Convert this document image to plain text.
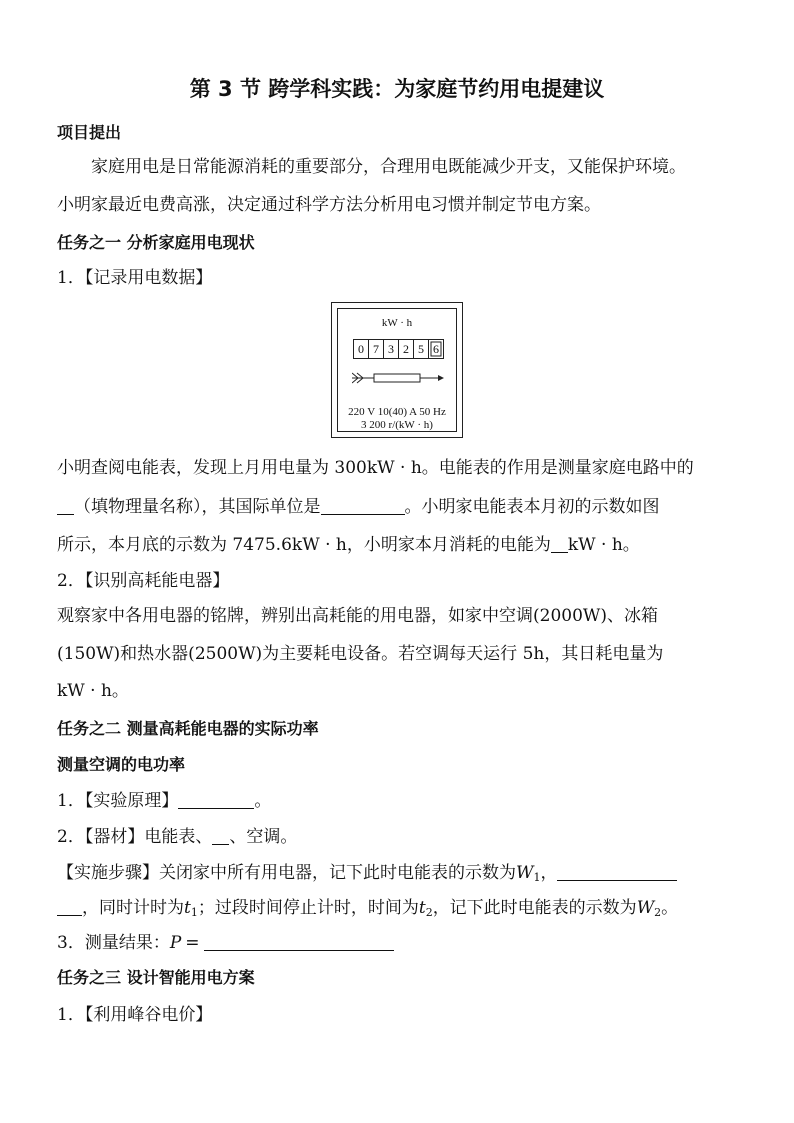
第 3 节 跨学科实践：为家庭节约用电提建议
项目提出
家庭用电是日常能源消耗的重要部分，合理用电既能减少开支，又能保护环境。
小明家最近电费高涨，决定通过科学方法分析用电习惯并制定节电方案。
任务之一 分析家庭用电现状
1．【记录用电数据】
kW · h
0 7 3 2 5 6
220 V 10(40) A 50 Hz
3 200 r/(kW · h)
小明查阅电能表，发现上月用电量为 300kW · h。电能表的作用是测量家庭电路中的
（填物理量名称），其国际单位是	。小明家电能表本月初的示数如图
所示，本月底的示数为 7475.6kW · h，小明家本月消耗的电能为 kW · h。
2．【识别高耗能电器】
观察家中各用电器的铭牌，辨别出高耗能的用电器，如家中空调(2000W)、冰箱
(150W)和热水器(2500W)为主要耗电设备。若空调每天运行 5h，其日耗电量为
kW · h。
任务之二 测量高耗能电器的实际功率
测量空调的电功率
1．【实验原理】	。
2．【器材】电能表、 、空调。
【实施步骤】关闭家中所有用电器，记下此时电能表的示数为$W_1$，
，同时计时为$t_1$；过段时间停止计时，时间为$t_2$，记下此时电能表的示数为$W_2$。
3．测量结果：P =
任务之三 设计智能用电方案
1．【利用峰谷电价】
